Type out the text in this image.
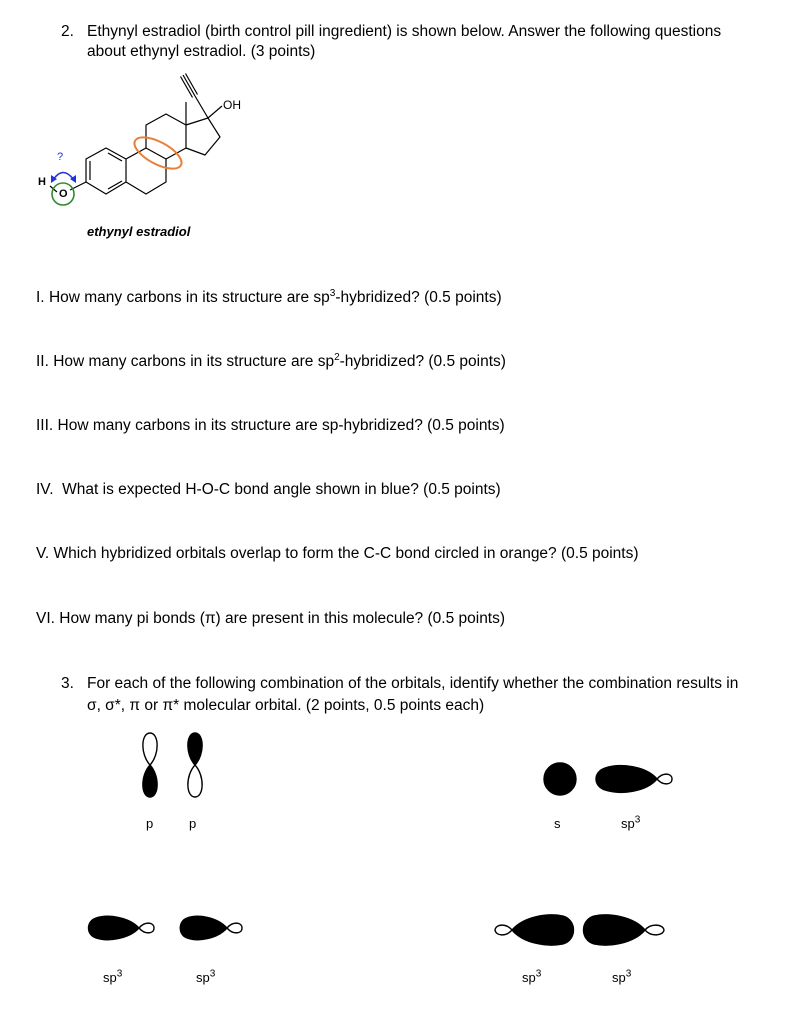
2. Ethynyl estradiol (birth control pill ingredient) is shown below. Answer the following questions
about ethynyl estradiol. (3 points)
?
H
O
OH
ethynyl estradiol
I. How many carbons in its structure are $sp^3$-hybridized? (0.5 points)
II. How many carbons in its structure are $sp^2$-hybridized? (0.5 points)
III. How many carbons in its structure are sp-hybridized? (0.5 points)
IV. What is expected H-O-C bond angle shown in blue? (0.5 points)
V. Which hybridized orbitals overlap to form the C-C bond circled in orange? (0.5 points)
VI. How many pi bonds (π) are present in this molecule? (0.5 points)
3. For each of the following combination of the orbitals, identify whether the combination results in
σ, σ*, π or π* molecular orbital. (2 points, 0.5 points each)
p	p	s	$sp^3$
$sp^3$	$sp^3$	$sp^3$	$sp^3$
